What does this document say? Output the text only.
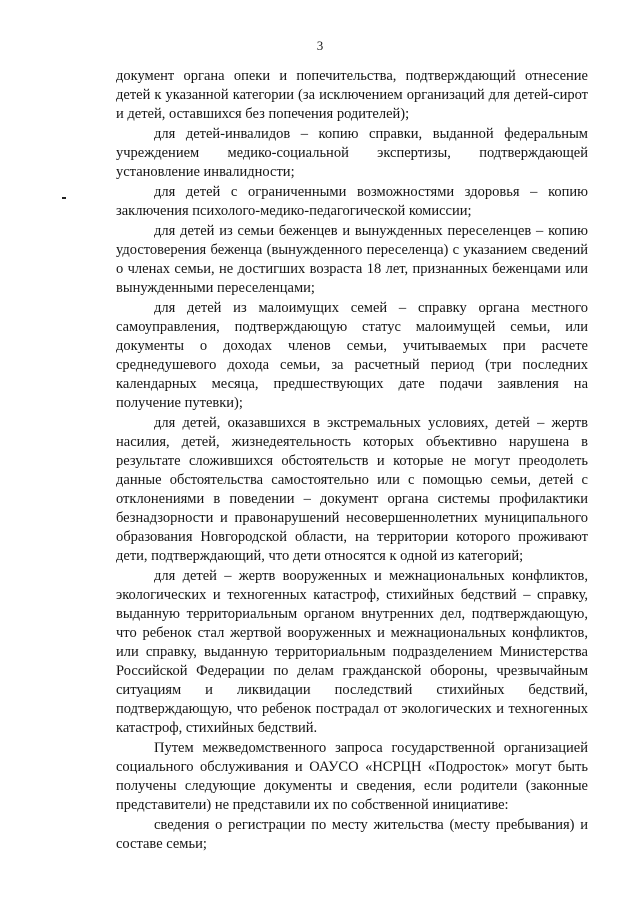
3

документ органа опеки и попечительства, подтверждающий отнесение детей к указанной категории (за исключением организаций для детей-сирот и детей, оставшихся без попечения родителей);

для детей-инвалидов – копию справки, выданной федеральным учреждением медико-социальной экспертизы, подтверждающей установление инвалидности;

для детей с ограниченными возможностями здоровья – копию заключения психолого-медико-педагогической комиссии;

для детей из семьи беженцев и вынужденных переселенцев – копию удостоверения беженца (вынужденного переселенца) с указанием сведений о членах семьи, не достигших возраста 18 лет, признанных беженцами или вынужденными переселенцами;

для детей из малоимущих семей – справку органа местного самоуправления, подтверждающую статус малоимущей семьи, или документы о доходах членов семьи, учитываемых при расчете среднедушевого дохода семьи, за расчетный период (три последних календарных месяца, предшествующих дате подачи заявления на получение путевки);

для детей, оказавшихся в экстремальных условиях, детей – жертв насилия, детей, жизнедеятельность которых объективно нарушена в результате сложившихся обстоятельств и которые не могут преодолеть данные обстоятельства самостоятельно или с помощью семьи, детей с отклонениями в поведении – документ органа системы профилактики безнадзорности и правонарушений несовершеннолетних муниципального образования Новгородской области, на территории которого проживают дети, подтверждающий, что дети относятся к одной из категорий;

для детей – жертв вооруженных и межнациональных конфликтов, экологических и техногенных катастроф, стихийных бедствий – справку, выданную территориальным органом внутренних дел, подтверждающую, что ребенок стал жертвой вооруженных и межнациональных конфликтов, или справку, выданную территориальным подразделением Министерства Российской Федерации по делам гражданской обороны, чрезвычайным ситуациям и ликвидации последствий стихийных бедствий, подтверждающую, что ребенок пострадал от экологических и техногенных катастроф, стихийных бедствий.

Путем межведомственного запроса государственной организацией социального обслуживания и ОАУСО «НСРЦН «Подросток» могут быть получены следующие документы и сведения, если родители (законные представители) не представили их по собственной инициативе:

сведения о регистрации по месту жительства (месту пребывания) и составе семьи;
